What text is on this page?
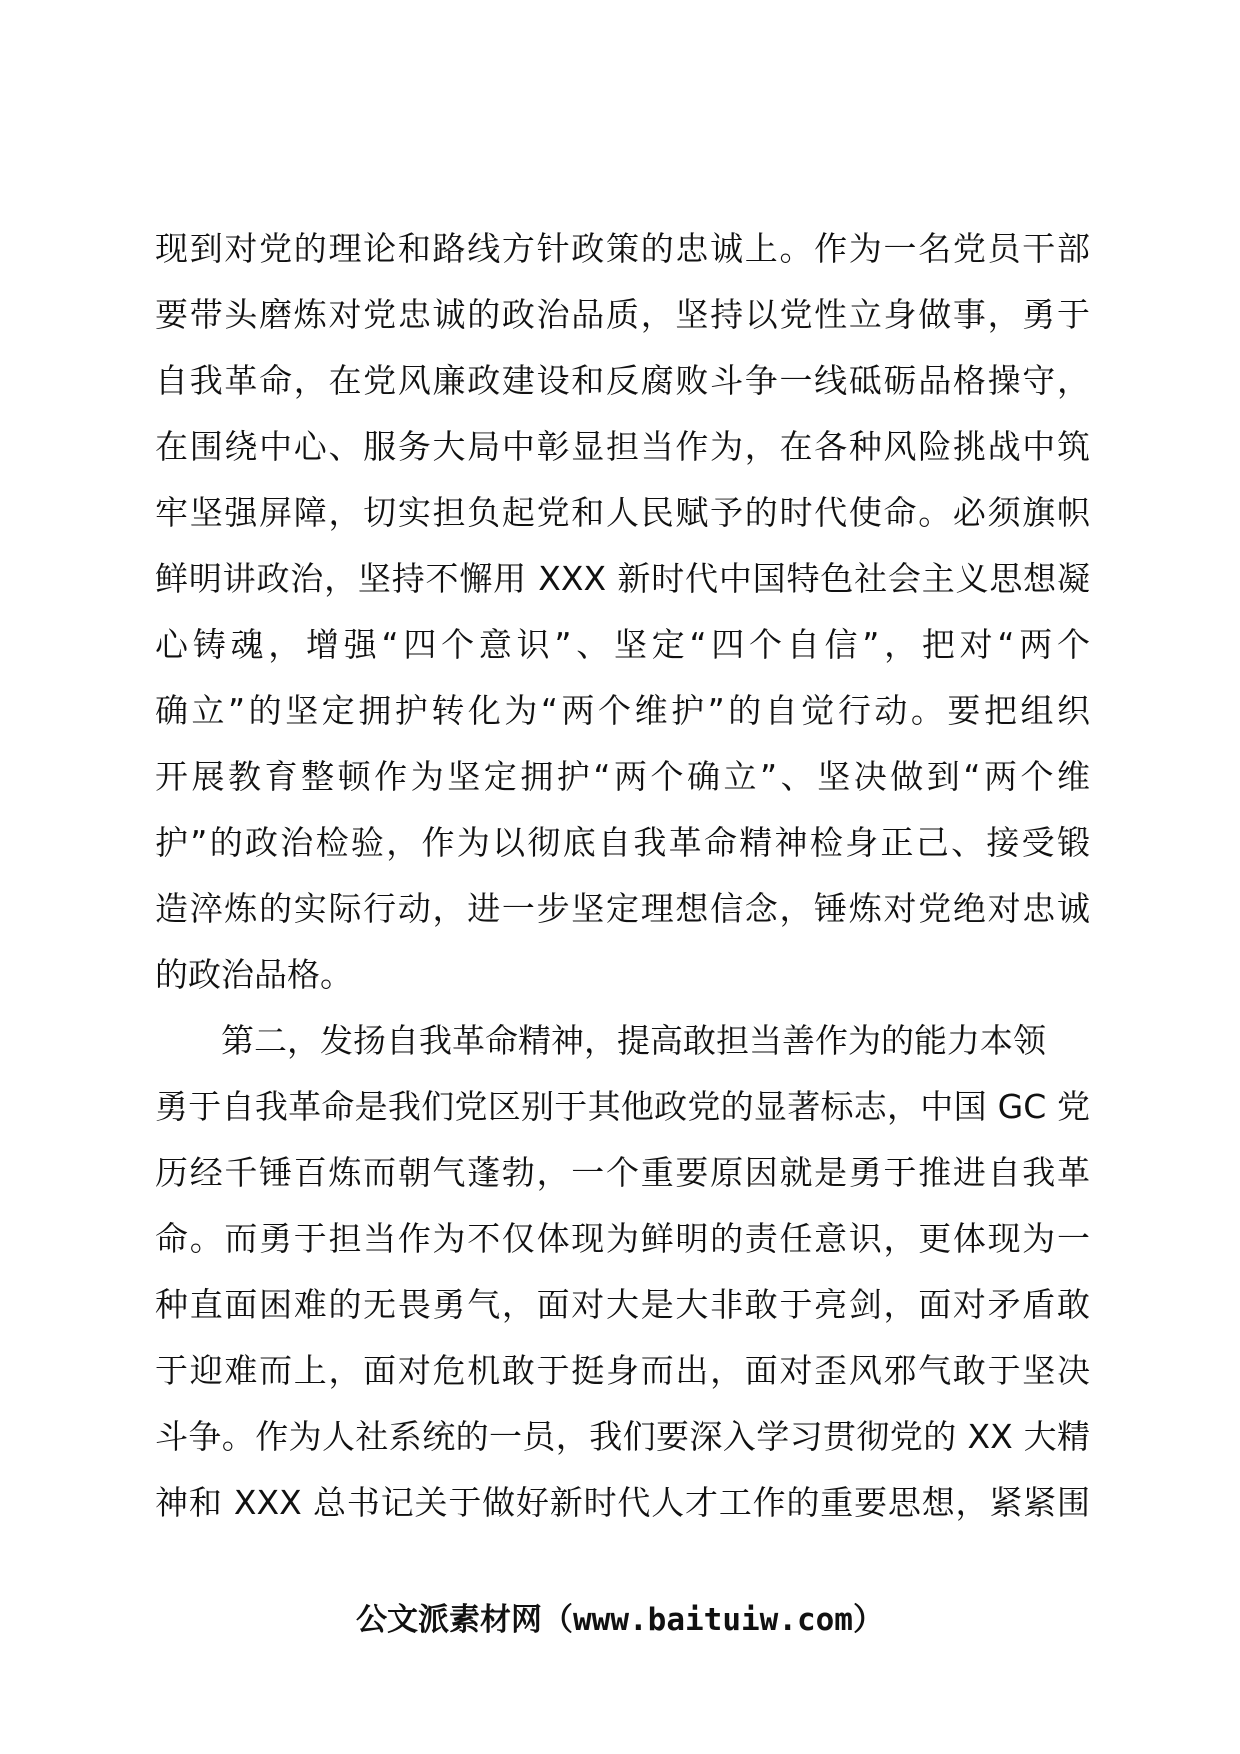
现到对党的理论和路线方针政策的忠诚上。作为一名党员干部
要带头磨炼对党忠诚的政治品质，坚持以党性立身做事，勇于
自我革命，在党风廉政建设和反腐败斗争一线砥砺品格操守，
在围绕中心、服务大局中彰显担当作为，在各种风险挑战中筑
牢坚强屏障，切实担负起党和人民赋予的时代使命。必须旗帜
鲜明讲政治，坚持不懈用 XXX 新时代中国特色社会主义思想凝
心铸魂，增强“四个意识”、坚定“四个自信”，把对“两个
确立”的坚定拥护转化为“两个维护”的自觉行动。要把组织
开展教育整顿作为坚定拥护“两个确立”、坚决做到“两个维
护”的政治检验，作为以彻底自我革命精神检身正己、接受锻
造淬炼的实际行动，进一步坚定理想信念，锤炼对党绝对忠诚
的政治品格。
第二，发扬自我革命精神，提高敢担当善作为的能力本领
勇于自我革命是我们党区别于其他政党的显著标志，中国 GC 党
历经千锤百炼而朝气蓬勃，一个重要原因就是勇于推进自我革
命。而勇于担当作为不仅体现为鲜明的责任意识，更体现为一
种直面困难的无畏勇气，面对大是大非敢于亮剑，面对矛盾敢
于迎难而上，面对危机敢于挺身而出，面对歪风邪气敢于坚决
斗争。作为人社系统的一员，我们要深入学习贯彻党的 XX 大精
神和 XXX 总书记关于做好新时代人才工作的重要思想，紧紧围
公文派素材网（www.baituiw.com）
